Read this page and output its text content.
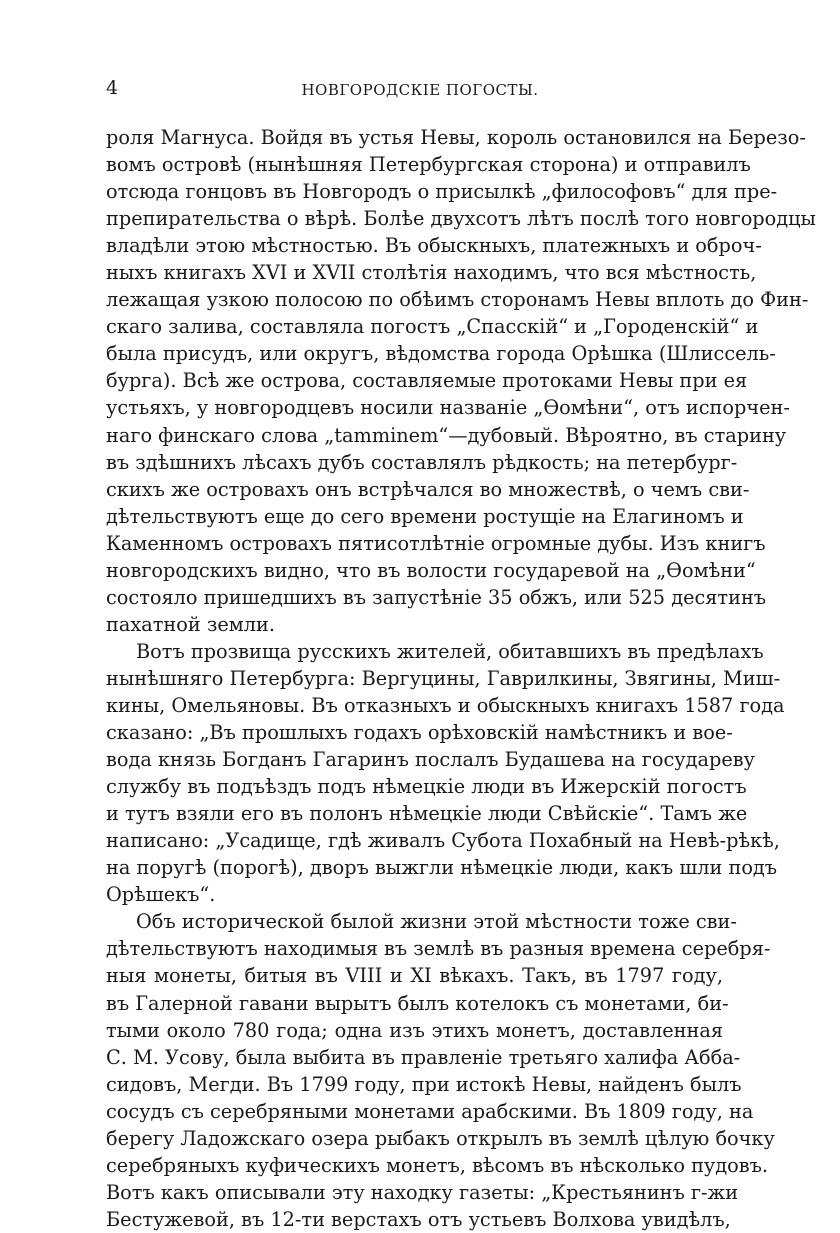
4	НОВГОРОДСКІЕ ПОГОСТЫ.
роля Магнуса. Войдя въ устья Невы, король остановился на Березо-
вомъ островѣ (нынѣшняя Петербургская сторона) и отправилъ
отсюда гонцовъ въ Новгородъ о присылкѣ „философовъ“ для пре-
препирательства о вѣрѣ. Болѣе двухсотъ лѣтъ послѣ того новгородцы
владѣли этою мѣстностью. Въ обыскныхъ, платежныхъ и оброч-
ныхъ книгахъ XVI и XVII столѣтія находимъ, что вся мѣстность,
лежащая узкою полосою по обѣимъ сторонамъ Невы вплоть до Фин-
скаго залива, составляла погостъ „Спасскій“ и „Городенскій“ и
была присудъ, или округъ, вѣдомства города Орѣшка (Шлиссель-
бурга). Всѣ же острова, составляемые протоками Невы при ея
устьяхъ, у новгородцевъ носили названіе „Ѳомѣни“, отъ испорчен-
наго финскаго слова „tamminem“—дубовый. Вѣроятно, въ старину
въ здѣшнихъ лѣсахъ дубъ составлялъ рѣдкость; на петербург-
скихъ же островахъ онъ встрѣчался во множествѣ, о чемъ сви-
дѣтельствуютъ еще до сего времени ростущіе на Елагиномъ и
Каменномъ островахъ пятисотлѣтніе огромные дубы. Изъ книгъ
новгородскихъ видно, что въ волости государевой на „Ѳомѣни“
состояло пришедшихъ въ запустѣніе 35 обжъ, или 525 десятинъ
пахатной земли.
Вотъ прозвища русскихъ жителей, обитавшихъ въ предѣлахъ
нынѣшняго Петербурга: Вергуцины, Гаврилкины, Звягины, Миш-
кины, Омельяновы. Въ отказныхъ и обыскныхъ книгахъ 1587 года
сказано: „Въ прошлыхъ годахъ орѣховскій намѣстникъ и вое-
вода князь Богданъ Гагаринъ послалъ Будашева на государеву
службу въ подъѣздъ подъ нѣмецкіе люди въ Ижерскій погостъ
и тутъ взяли его въ полонъ нѣмецкіе люди Свѣйскіе“. Тамъ же
написано: „Усадище, гдѣ живалъ Субота Похабный на Невѣ-рѣкѣ,
на поругѣ (порогѣ), дворъ выжгли нѣмецкіе люди, какъ шли подъ
Орѣшекъ“.
Объ исторической былой жизни этой мѣстности тоже сви-
дѣтельствуютъ находимыя въ землѣ въ разныя времена серебря-
ныя монеты, битыя въ VIII и XI вѣкахъ. Такъ, въ 1797 году,
въ Галерной гавани вырытъ былъ котелокъ съ монетами, би-
тыми около 780 года; одна изъ этихъ монетъ, доставленная
С. М. Усову, была выбита въ правленіе третьяго халифа Абба-
сидовъ, Мегди. Въ 1799 году, при истокѣ Невы, найденъ былъ
сосудъ съ серебряными монетами арабскими. Въ 1809 году, на
берегу Ладожскаго озера рыбакъ открылъ въ землѣ цѣлую бочку
серебряныхъ куфическихъ монетъ, вѣсомъ въ нѣсколько пудовъ.
Вотъ какъ описывали эту находку газеты: „Крестьянинъ г-жи
Бестужевой, въ 12-ти верстахъ отъ устьевъ Волхова увидѣлъ,
